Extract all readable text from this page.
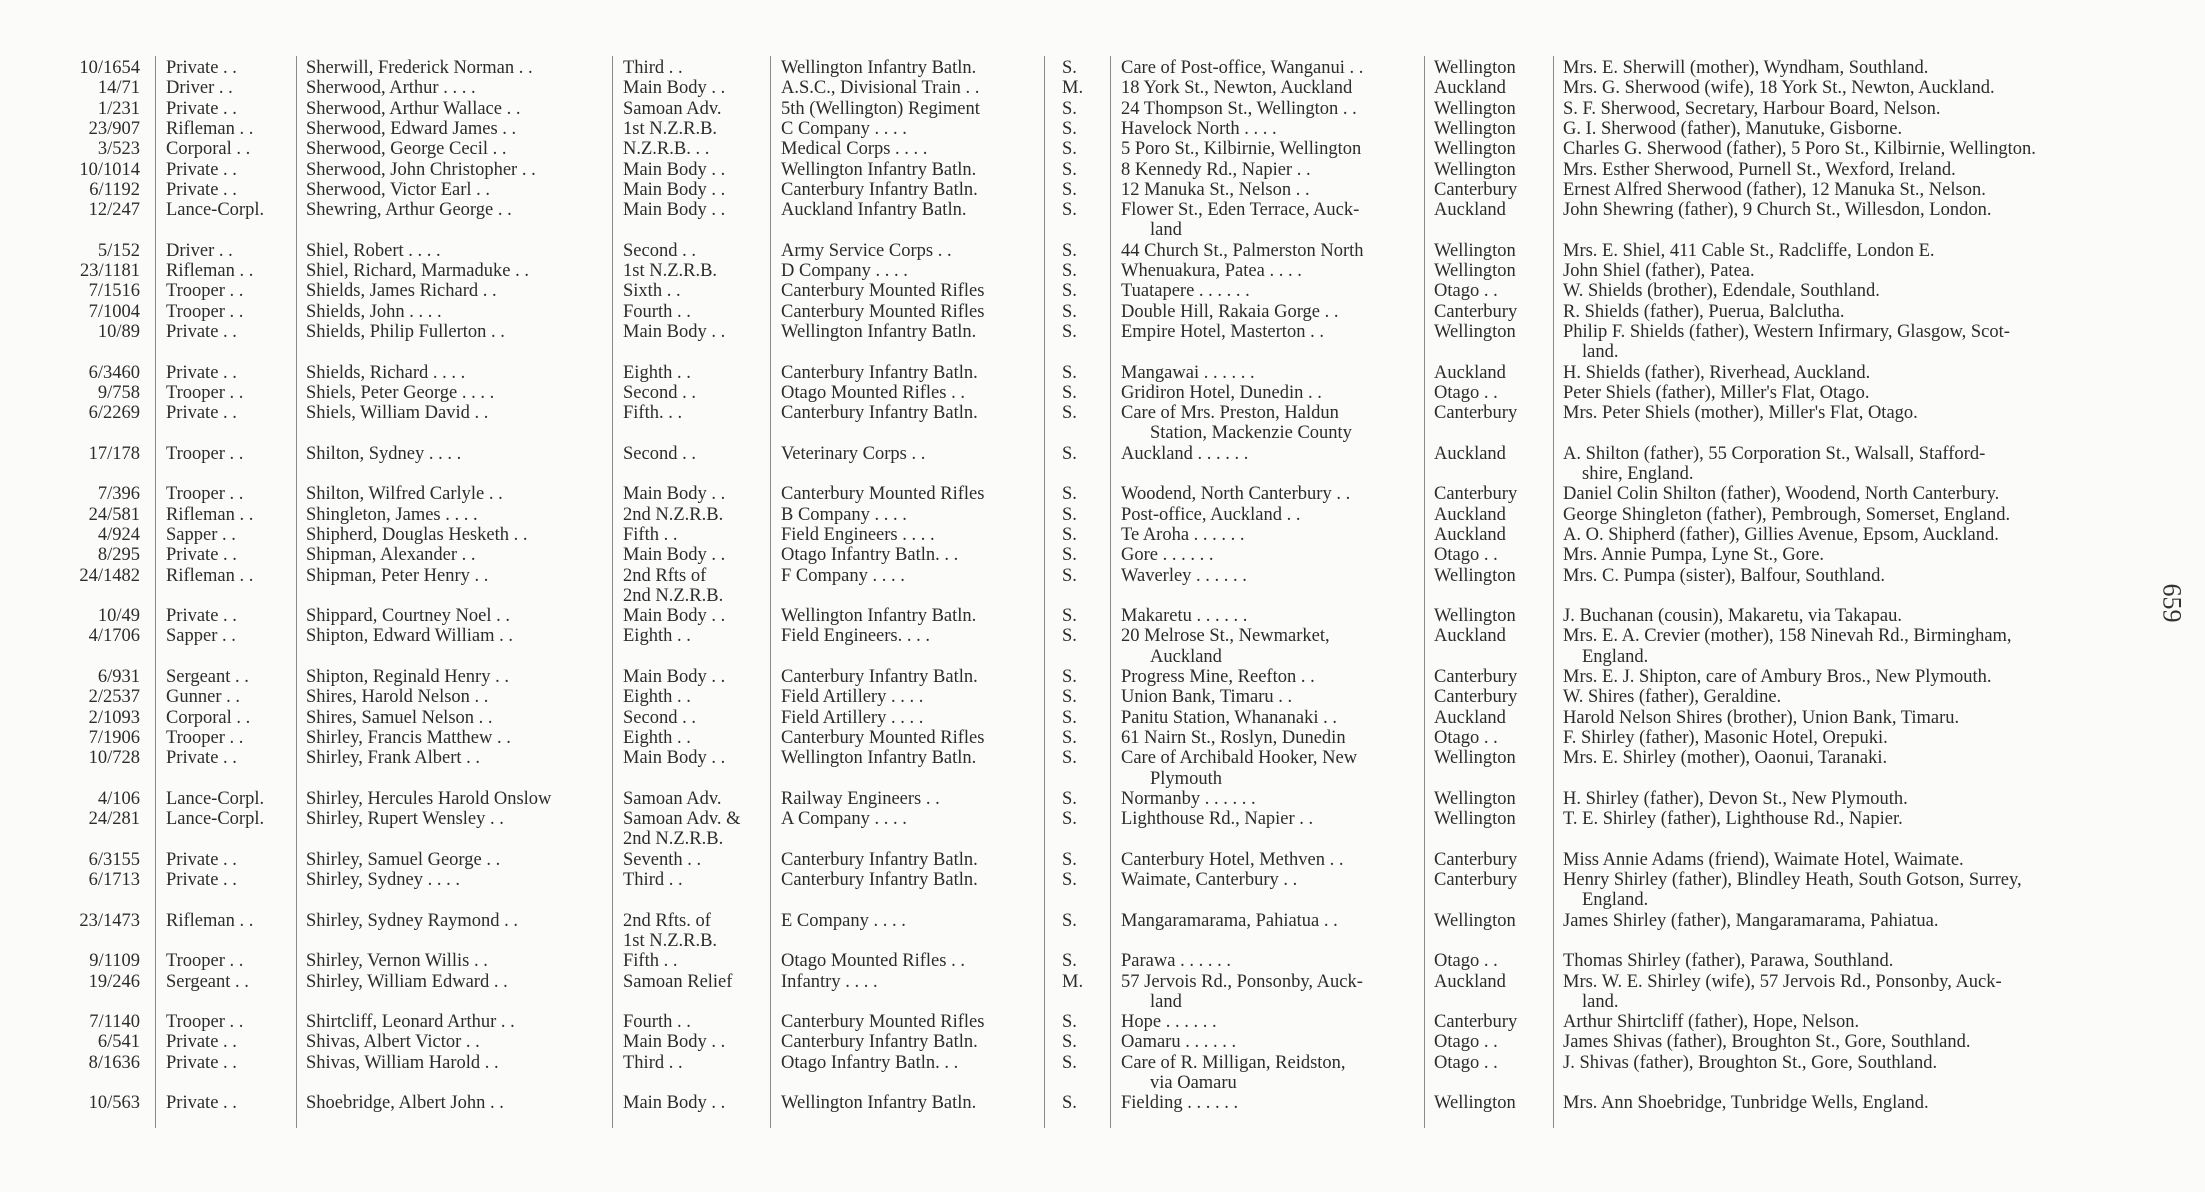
10/1654 Private . .	Sherwill, Frederick Norman . .	Third . .	Wellington Infantry Batln.	S.	Care of Post-office, Wanganui . .	Wellington	Mrs. E. Sherwill (mother), Wyndham, Southland.
14/71 Driver . .	Sherwood, Arthur . . . .	Main Body . .	A.S.C., Divisional Train . .	M.	18 York St., Newton, Auckland	Auckland	Mrs. G. Sherwood (wife), 18 York St., Newton, Auckland.
1/231 Private . .	Sherwood, Arthur Wallace . .	Samoan Adv.	5th (Wellington) Regiment	S.	24 Thompson St., Wellington . .	Wellington	S. F. Sherwood, Secretary, Harbour Board, Nelson.
23/907 Rifleman . .	Sherwood, Edward James . .	1st N.Z.R.B.	C Company . . . .	S.	Havelock North . . . .	Wellington	G. I. Sherwood (father), Manutuke, Gisborne.
3/523 Corporal . .	Sherwood, George Cecil . .	N.Z.R.B. . .	Medical Corps . . . .	S.	5 Poro St., Kilbirnie, Wellington	Wellington	Charles G. Sherwood (father), 5 Poro St., Kilbirnie, Wellington.
10/1014 Private . .	Sherwood, John Christopher . .	Main Body . .	Wellington Infantry Batln.	S.	8 Kennedy Rd., Napier . .	Wellington	Mrs. Esther Sherwood, Purnell St., Wexford, Ireland.
6/1192 Private . .	Sherwood, Victor Earl . .	Main Body . .	Canterbury Infantry Batln.	S.	12 Manuka St., Nelson . .	Canterbury	Ernest Alfred Sherwood (father), 12 Manuka St., Nelson.
12/247 Lance-Corpl.	Shewring, Arthur George . .	Main Body . .	Auckland Infantry Batln.	S.	Flower St., Eden Terrace, Auck-	Auckland	John Shewring (father), 9 Church St., Willesdon, London.
land
5/152 Driver . .	Shiel, Robert . . . .	Second . .	Army Service Corps . .	S.	44 Church St., Palmerston North	Wellington	Mrs. E. Shiel, 411 Cable St., Radcliffe, London E.
23/1181 Rifleman . .	Shiel, Richard, Marmaduke . .	1st N.Z.R.B.	D Company . . . .	S.	Whenuakura, Patea . . . .	Wellington	John Shiel (father), Patea.
7/1516 Trooper . .	Shields, James Richard . .	Sixth . .	Canterbury Mounted Rifles	S.	Tuatapere . . . . . .	Otago . .	W. Shields (brother), Edendale, Southland.
7/1004 Trooper . .	Shields, John . . . .	Fourth . .	Canterbury Mounted Rifles	S.	Double Hill, Rakaia Gorge . .	Canterbury	R. Shields (father), Puerua, Balclutha.
10/89 Private . .	Shields, Philip Fullerton . .	Main Body . .	Wellington Infantry Batln.	S.	Empire Hotel, Masterton . .	Wellington	Philip F. Shields (father), Western Infirmary, Glasgow, Scot-
land.
6/3460 Private . .	Shields, Richard . . . .	Eighth . .	Canterbury Infantry Batln.	S.	Mangawai . . . . . .	Auckland	H. Shields (father), Riverhead, Auckland.
9/758 Trooper . .	Shiels, Peter George . . . .	Second . .	Otago Mounted Rifles . .	S.	Gridiron Hotel, Dunedin . .	Otago . .	Peter Shiels (father), Miller's Flat, Otago.
6/2269 Private . .	Shiels, William David . .	Fifth. . .	Canterbury Infantry Batln.	S.	Care of Mrs. Preston, Haldun	Canterbury	Mrs. Peter Shiels (mother), Miller's Flat, Otago.
Station, Mackenzie County
17/178 Trooper . .	Shilton, Sydney . . . .	Second . .	Veterinary Corps . .	S.	Auckland . . . . . .	Auckland	A. Shilton (father), 55 Corporation St., Walsall, Stafford-
shire, England.
7/396 Trooper . .	Shilton, Wilfred Carlyle . .	Main Body . .	Canterbury Mounted Rifles	S.	Woodend, North Canterbury . .	Canterbury	Daniel Colin Shilton (father), Woodend, North Canterbury.
24/581 Rifleman . .	Shingleton, James . . . .	2nd N.Z.R.B.	B Company . . . .	S.	Post-office, Auckland . .	Auckland	George Shingleton (father), Pembrough, Somerset, England.
4/924 Sapper . .	Shipherd, Douglas Hesketh . .	Fifth . .	Field Engineers . . . .	S.	Te Aroha . . . . . .	Auckland	A. O. Shipherd (father), Gillies Avenue, Epsom, Auckland.
8/295 Private . .	Shipman, Alexander . .	Main Body . .	Otago Infantry Batln. . .	S.	Gore . . . . . .	Otago . .	Mrs. Annie Pumpa, Lyne St., Gore.
24/1482 Rifleman . .	Shipman, Peter Henry . .	2nd Rfts of	F Company . . . .	S.	Waverley . . . . . .	Wellington	Mrs. C. Pumpa (sister), Balfour, Southland.
2nd N.Z.R.B.
10/49 Private . .	Shippard, Courtney Noel . .	Main Body . .	Wellington Infantry Batln.	S.	Makaretu . . . . . .	Wellington	J. Buchanan (cousin), Makaretu, via Takapau.
4/1706 Sapper . .	Shipton, Edward William . .	Eighth . .	Field Engineers. . . .	S.	20 Melrose St., Newmarket,	Auckland	Mrs. E. A. Crevier (mother), 158 Ninevah Rd., Birmingham,
Auckland	England.
6/931 Sergeant . .	Shipton, Reginald Henry . .	Main Body . .	Canterbury Infantry Batln.	S.	Progress Mine, Reefton . .	Canterbury	Mrs. E. J. Shipton, care of Ambury Bros., New Plymouth.
2/2537 Gunner . .	Shires, Harold Nelson . .	Eighth . .	Field Artillery . . . .	S.	Union Bank, Timaru . .	Canterbury	W. Shires (father), Geraldine.
2/1093 Corporal . .	Shires, Samuel Nelson . .	Second . .	Field Artillery . . . .	S.	Panitu Station, Whananaki . .	Auckland	Harold Nelson Shires (brother), Union Bank, Timaru.
7/1906 Trooper . .	Shirley, Francis Matthew . .	Eighth . .	Canterbury Mounted Rifles	S.	61 Nairn St., Roslyn, Dunedin	Otago . .	F. Shirley (father), Masonic Hotel, Orepuki.
10/728 Private . .	Shirley, Frank Albert . .	Main Body . .	Wellington Infantry Batln.	S.	Care of Archibald Hooker, New	Wellington	Mrs. E. Shirley (mother), Oaonui, Taranaki.
Plymouth
4/106 Lance-Corpl.	Shirley, Hercules Harold Onslow	Samoan Adv.	Railway Engineers . .	S.	Normanby . . . . . .	Wellington	H. Shirley (father), Devon St., New Plymouth.
24/281 Lance-Corpl.	Shirley, Rupert Wensley . .	Samoan Adv. &	A Company . . . .	S.	Lighthouse Rd., Napier . .	Wellington	T. E. Shirley (father), Lighthouse Rd., Napier.
2nd N.Z.R.B.
6/3155 Private . .	Shirley, Samuel George . .	Seventh . .	Canterbury Infantry Batln.	S.	Canterbury Hotel, Methven . .	Canterbury	Miss Annie Adams (friend), Waimate Hotel, Waimate.
6/1713 Private . .	Shirley, Sydney . . . .	Third . .	Canterbury Infantry Batln.	S.	Waimate, Canterbury . .	Canterbury	Henry Shirley (father), Blindley Heath, South Gotson, Surrey,
England.
23/1473 Rifleman . .	Shirley, Sydney Raymond . .	2nd Rfts. of	E Company . . . .	S.	Mangaramarama, Pahiatua . .	Wellington	James Shirley (father), Mangaramarama, Pahiatua.
1st N.Z.R.B.
9/1109 Trooper . .	Shirley, Vernon Willis . .	Fifth . .	Otago Mounted Rifles . .	S.	Parawa . . . . . .	Otago . .	Thomas Shirley (father), Parawa, Southland.
19/246 Sergeant . .	Shirley, William Edward . .	Samoan Relief	Infantry . . . .	M.	57 Jervois Rd., Ponsonby, Auck-	Auckland	Mrs. W. E. Shirley (wife), 57 Jervois Rd., Ponsonby, Auck-
land	land.
7/1140 Trooper . .	Shirtcliff, Leonard Arthur . .	Fourth . .	Canterbury Mounted Rifles	S.	Hope . . . . . .	Canterbury	Arthur Shirtcliff (father), Hope, Nelson.
6/541 Private . .	Shivas, Albert Victor . .	Main Body . .	Canterbury Infantry Batln.	S.	Oamaru . . . . . .	Otago . .	James Shivas (father), Broughton St., Gore, Southland.
8/1636 Private . .	Shivas, William Harold . .	Third . .	Otago Infantry Batln. . .	S.	Care of R. Milligan, Reidston,	Otago . .	J. Shivas (father), Broughton St., Gore, Southland.
via Oamaru
10/563 Private . .	Shoebridge, Albert John . .	Main Body . .	Wellington Infantry Batln.	S.	Fielding . . . . . .	Wellington	Mrs. Ann Shoebridge, Tunbridge Wells, England.
659
